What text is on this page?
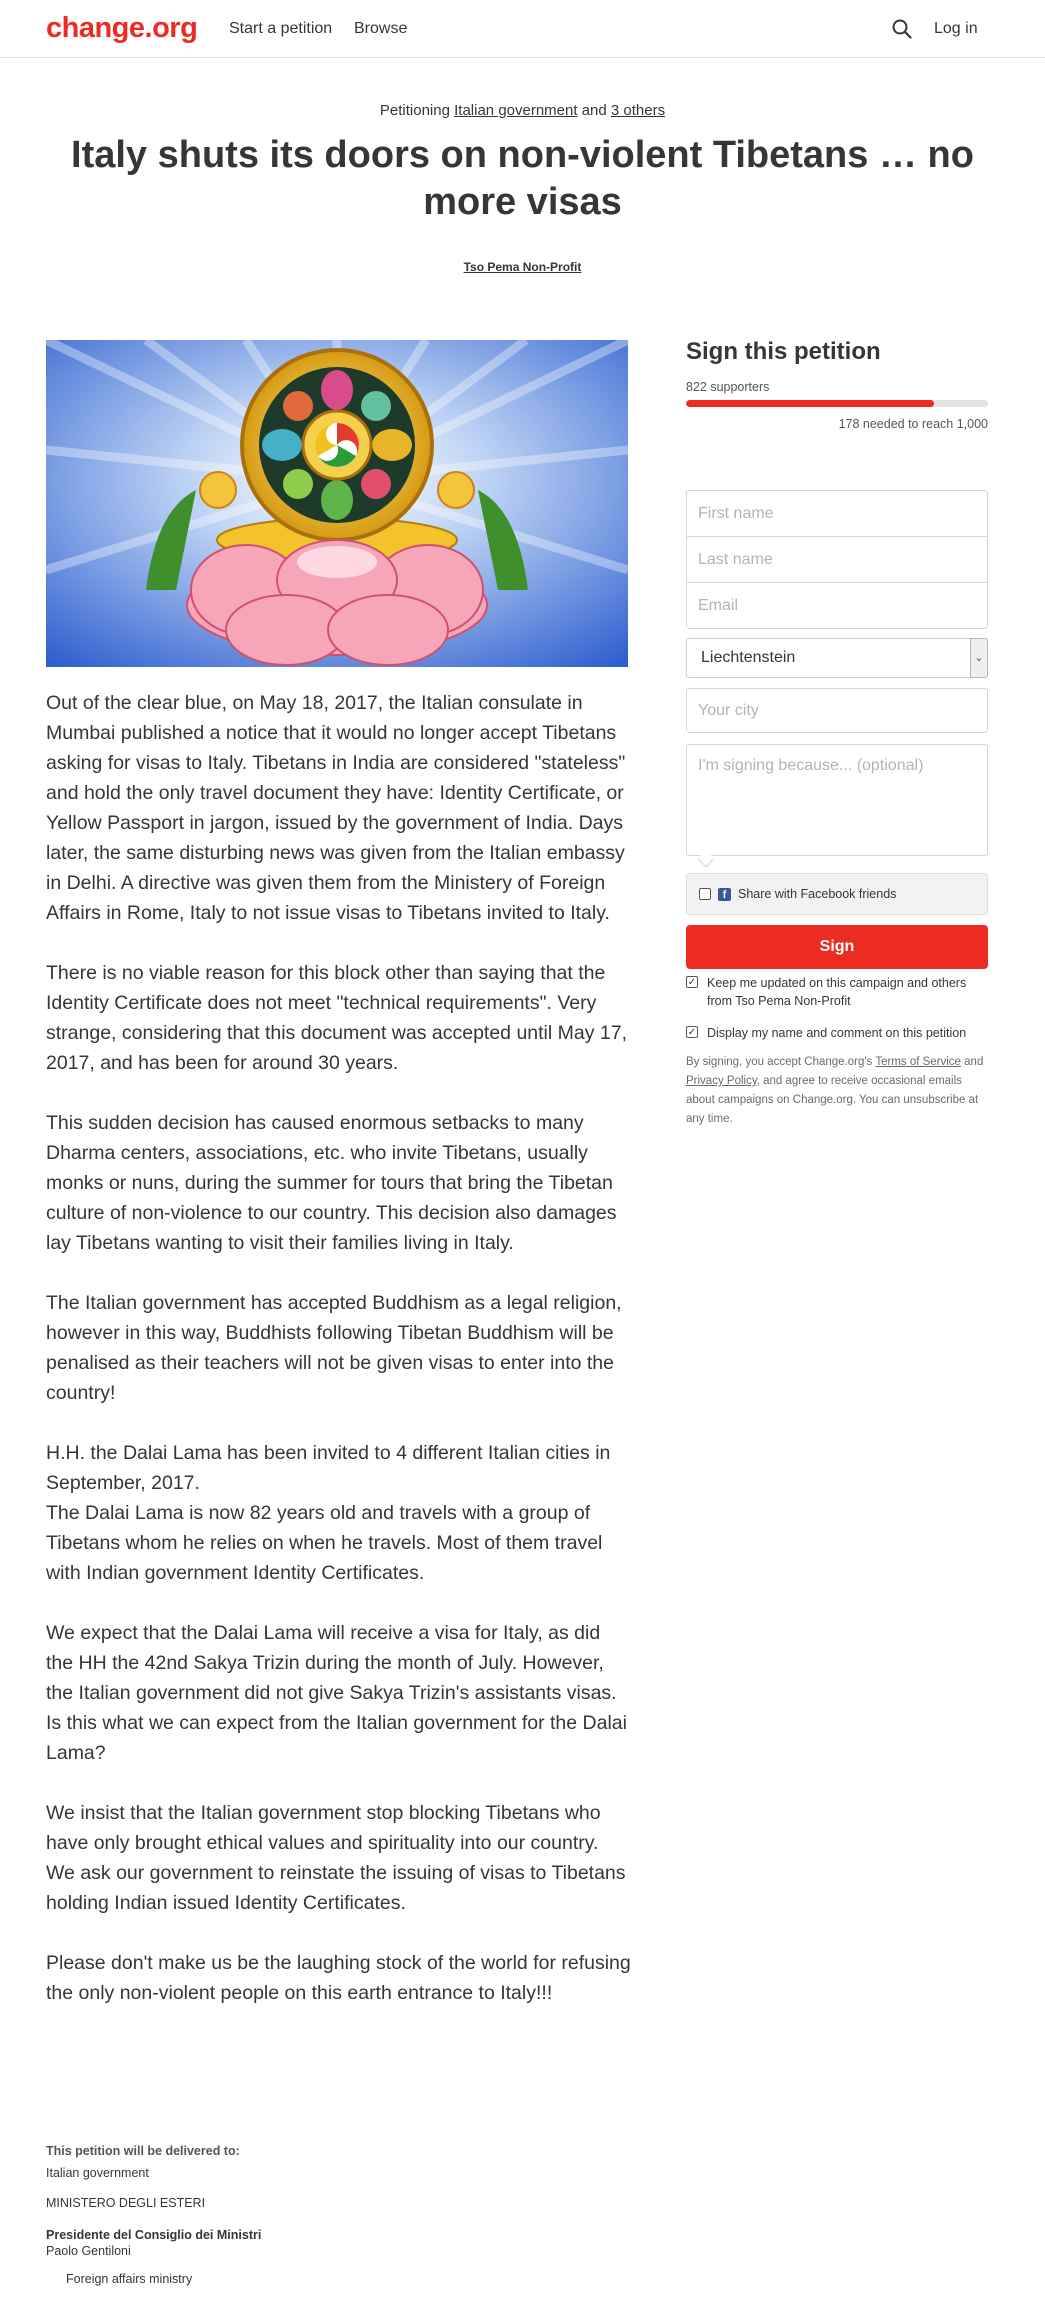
change.org Start a petition Browse	Log in
Petitioning Italian government and 3 others
Italy shuts its doors on non-violent Tibetans … no more visas
Tso Pema Non-Profit

Out of the clear blue, on May 18, 2017, the Italian consulate in Mumbai published a notice that it would no longer accept Tibetans asking for visas to Italy. Tibetans in India are considered "stateless" and hold the only travel document they have: Identity Certificate, or Yellow Passport in jargon, issued by the government of India. Days later, the same disturbing news was given from the Italian embassy in Delhi. A directive was given them from the Ministery of Foreign Affairs in Rome, Italy to not issue visas to Tibetans invited to Italy.

There is no viable reason for this block other than saying that the Identity Certificate does not meet "technical requirements". Very strange, considering that this document was accepted until May 17, 2017, and has been for around 30 years.

This sudden decision has caused enormous setbacks to many Dharma centers, associations, etc. who invite Tibetans, usually monks or nuns, during the summer for tours that bring the Tibetan culture of non-violence to our country. This decision also damages lay Tibetans wanting to visit their families living in Italy.

The Italian government has accepted Buddhism as a legal religion, however in this way, Buddhists following Tibetan Buddhism will be penalised as their teachers will not be given visas to enter into the country!

H.H. the Dalai Lama has been invited to 4 different Italian cities in September, 2017.
The Dalai Lama is now 82 years old and travels with a group of Tibetans whom he relies on when he travels. Most of them travel with Indian government Identity Certificates.

We expect that the Dalai Lama will receive a visa for Italy, as did the HH the 42nd Sakya Trizin during the month of July. However, the Italian government did not give Sakya Trizin's assistants visas. Is this what we can expect from the Italian government for the Dalai Lama?

We insist that the Italian government stop blocking Tibetans who have only brought ethical values and spirituality into our country. We ask our government to reinstate the issuing of visas to Tibetans holding Indian issued Identity Certificates.

Please don't make us be the laughing stock of the world for refusing the only non-violent people on this earth entrance to Italy!!!

This petition will be delivered to:
Italian government
MINISTERO DEGLI ESTERI
Presidente del Consiglio dei Ministri
Paolo Gentiloni
Foreign affairs ministry
Sign this petition
822 supporters
178 needed to reach 1,000
First name
Last name
Email
Liechtenstein	⌄
Your city
I'm signing because... (optional)
f Share with Facebook friends
Sign
✓ Keep me updated on this campaign and others from Tso Pema Non-Profit
✓ Display my name and comment on this petition
By signing, you accept Change.org's Terms of Service and Privacy Policy, and agree to receive occasional emails about campaigns on Change.org. You can unsubscribe at any time.
